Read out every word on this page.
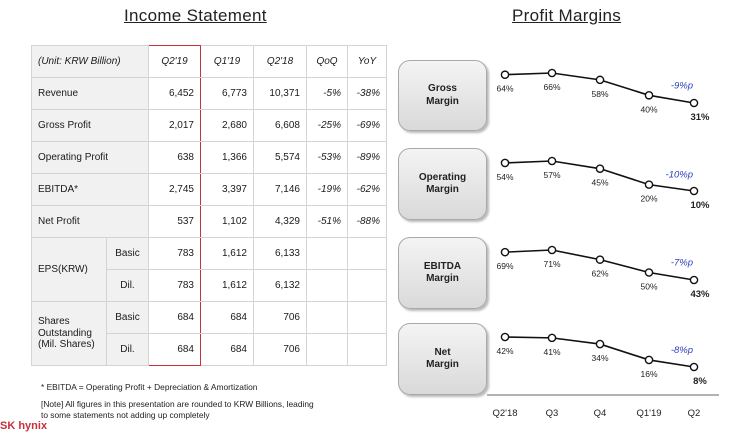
Income Statement	Profit Margins
(Unit: KRW Billion)		Q2'19	Q1'19	Q2'18	QoQ	YoY
Revenue		6,452	6,773	10,371	-5%	-38%
Gross Profit		2,017	2,680	6,608	-25%	-69%
Operating Profit		638	1,366	5,574	-53%	-89%
EBITDA*		2,745	3,397	7,146	-19%	-62%
Net Profit		537	1,102	4,329	-51%	-88%
EPS(KRW)	Basic	783	1,612	6,133		
	Dil.	783	1,612	6,132		
Shares Outstanding (Mil. Shares)	Basic	684	684	706		
	Dil.	684	684	706		
* EBITDA = Operating Profit + Depreciation & Amortization
[Note] All figures in this presentation are rounded to KRW Billions, leading
to some statements not adding up completely
SK hynix
Gross
Margin
Operating
Margin
EBITDA
Margin
Net
Margin
64%	66%
58%
40%
31%
-9%p
54%	57%
45%
20%
10%
-10%p
69%	71%
62%
50%
43%
-7%p
42%	41%
34%
16%
8%
-8%p
Q2'18	Q3	Q4	Q1'19	Q2
